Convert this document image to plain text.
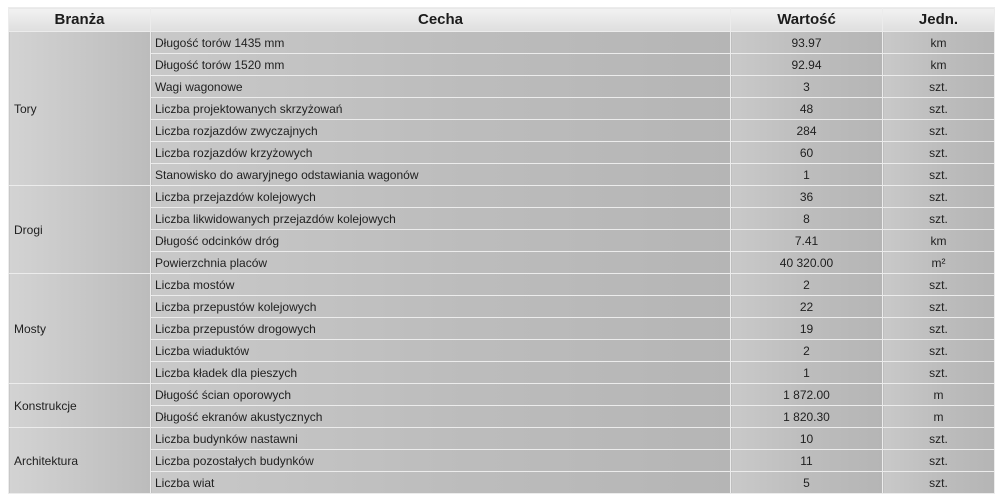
Branża	Cecha	Wartość	Jedn.
Tory	Długość torów 1435 mm	93.97	km
	Długość torów 1520 mm	92.94	km
	Wagi wagonowe	3	szt.
	Liczba projektowanych skrzyżowań	48	szt.
	Liczba rozjazdów zwyczajnych	284	szt.
	Liczba rozjazdów krzyżowych	60	szt.
	Stanowisko do awaryjnego odstawiania wagonów	1	szt.
Drogi	Liczba przejazdów kolejowych	36	szt.
	Liczba likwidowanych przejazdów kolejowych	8	szt.
	Długość odcinków dróg	7.41	km
	Powierzchnia placów	40 320.00	m²
Mosty	Liczba mostów	2	szt.
	Liczba przepustów kolejowych	22	szt.
	Liczba przepustów drogowych	19	szt.
	Liczba wiaduktów	2	szt.
	Liczba kładek dla pieszych	1	szt.
Konstrukcje	Długość ścian oporowych	1 872.00	m
	Długość ekranów akustycznych	1 820.30	m
Architektura	Liczba budynków nastawni	10	szt.
	Liczba pozostałych budynków	11	szt.
	Liczba wiat	5	szt.
